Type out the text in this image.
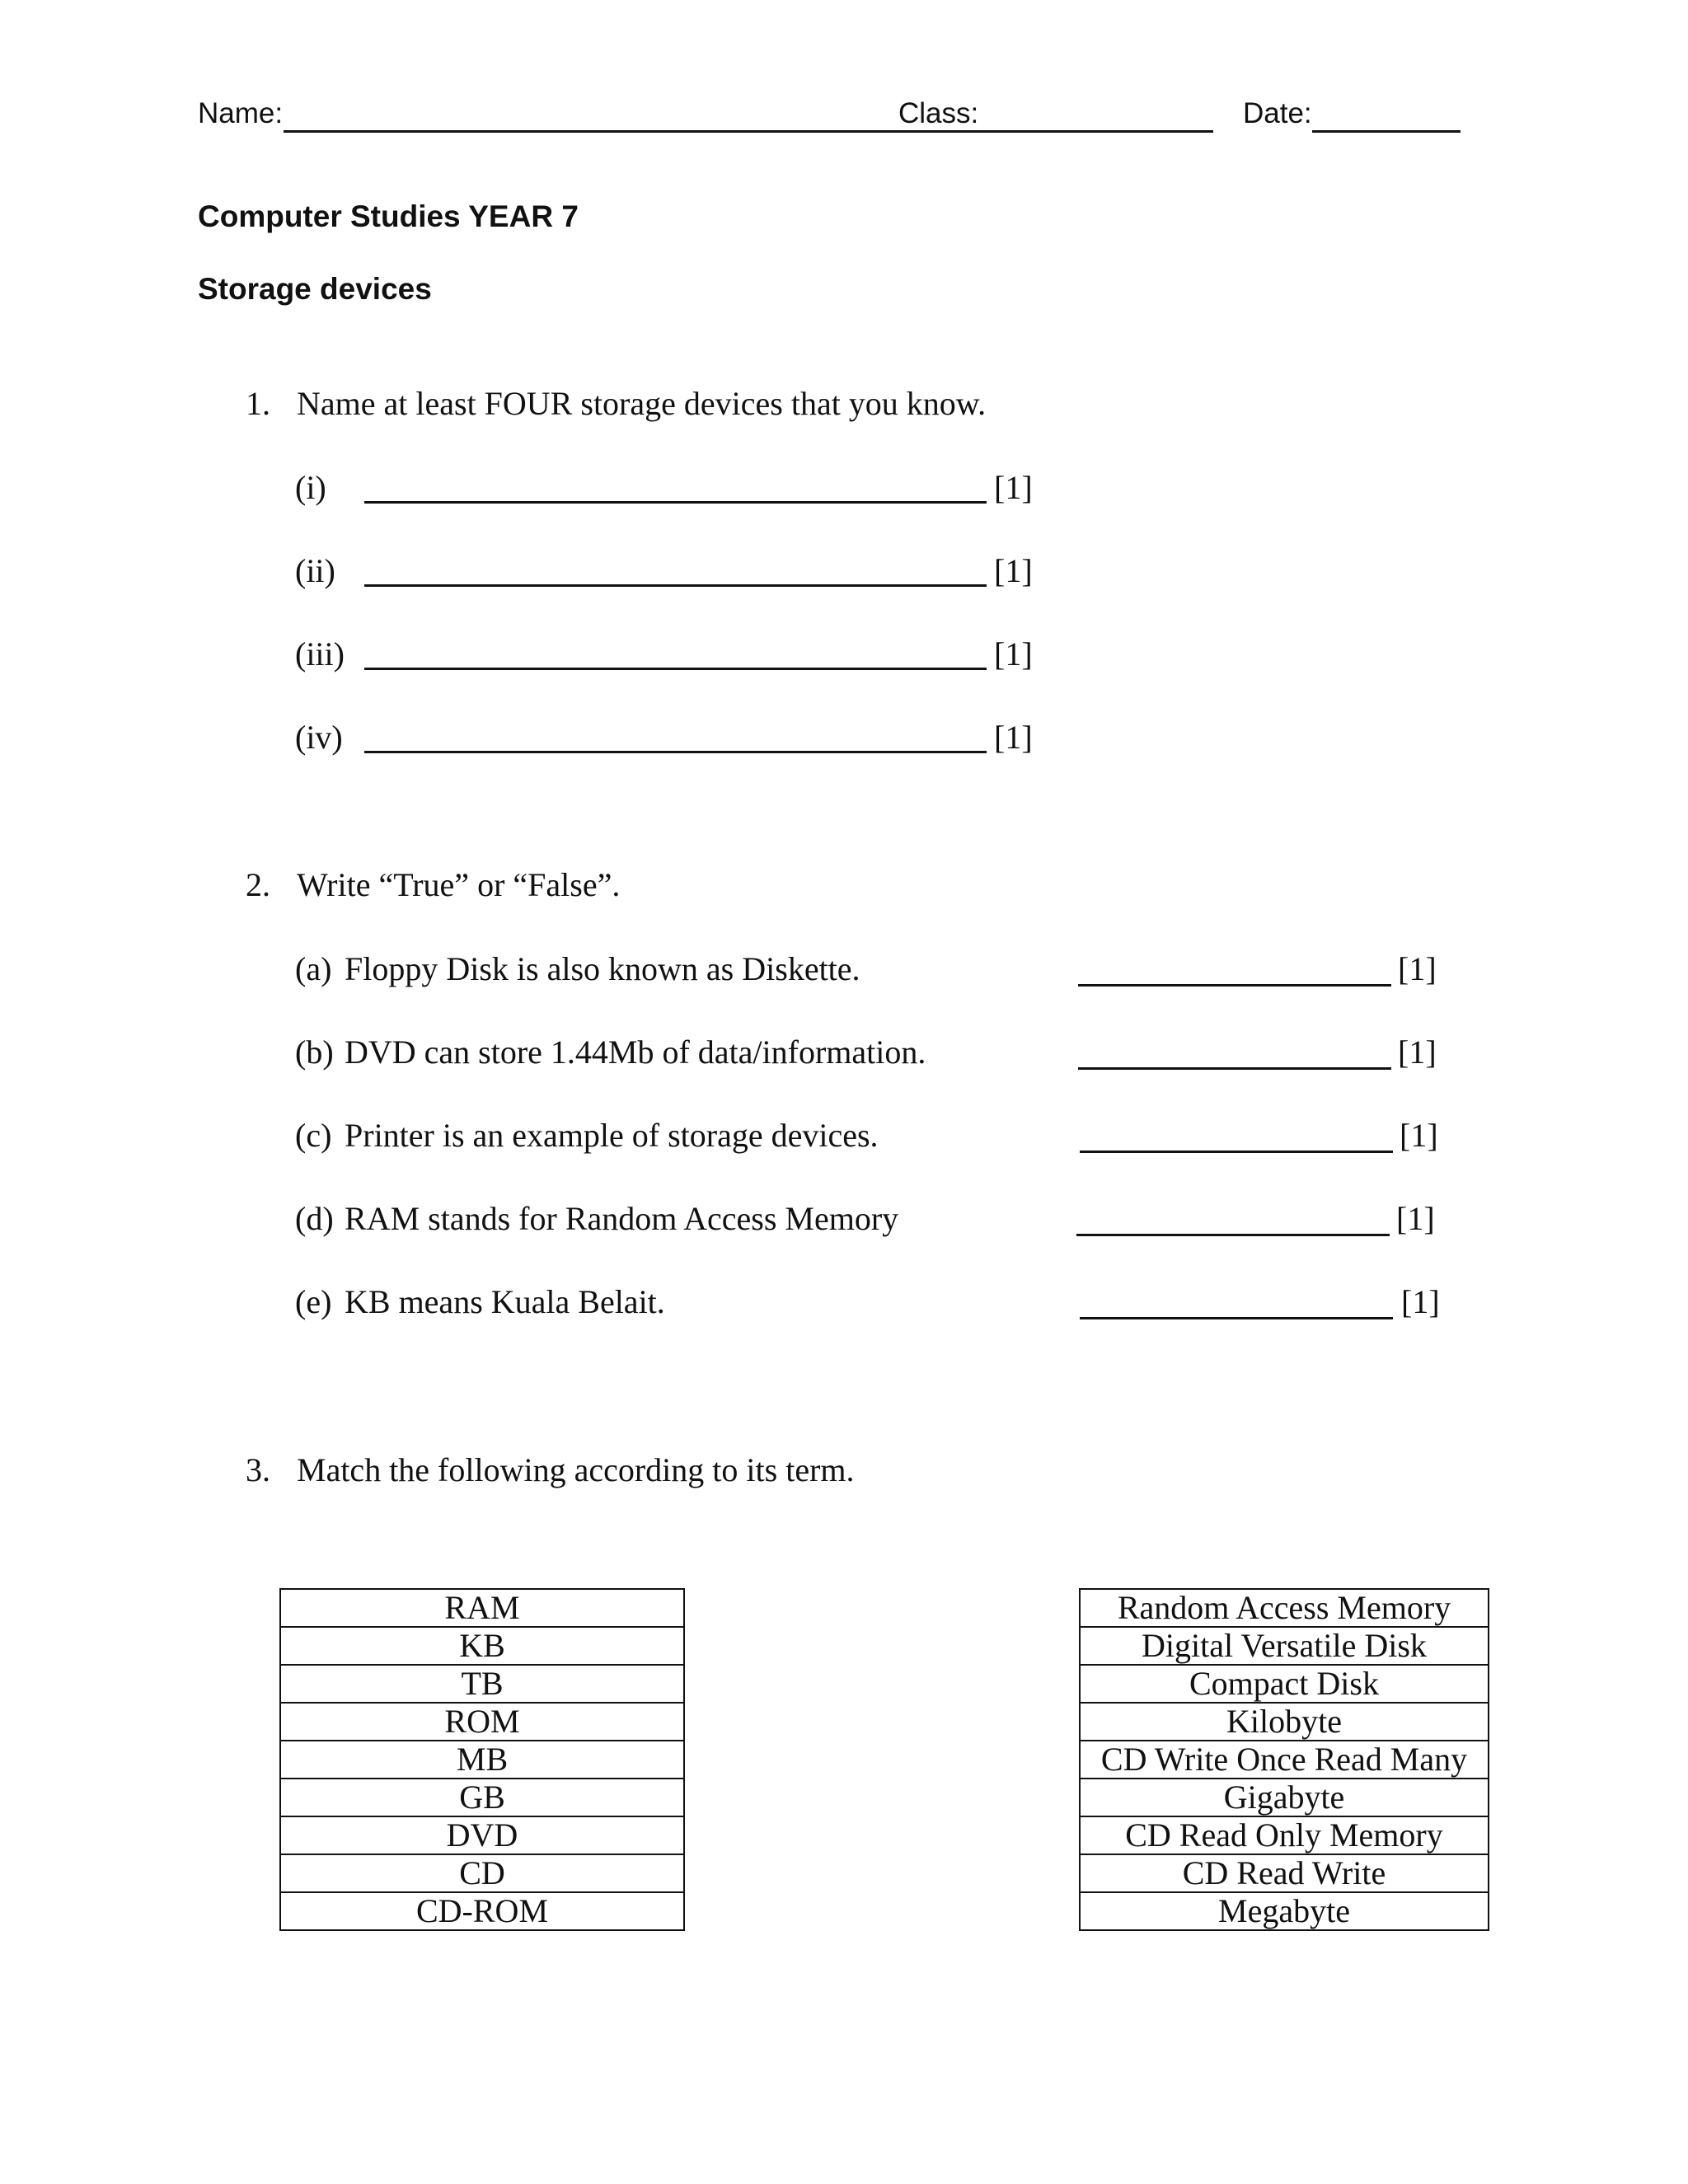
Name:	Class:	Date:
Computer Studies YEAR 7
Storage devices
1. Name at least FOUR storage devices that you know.
(i)	[1]
(ii)	[1]
(iii)	[1]
(iv)	[1]
2. Write “True” or “False”.
(a) Floppy Disk is also known as Diskette.	[1]
(b) DVD can store 1.44Mb of data/information.	[1]
(c) Printer is an example of storage devices.	[1]
(d) RAM stands for Random Access Memory	[1]
(e) KB means Kuala Belait.	[1]
3. Match the following according to its term.
RAM
KB
TB
ROM
MB
GB
DVD
CD
CD-ROM
Random Access Memory
Digital Versatile Disk
Compact Disk
Kilobyte
CD Write Once Read Many
Gigabyte
CD Read Only Memory
CD Read Write
Megabyte
